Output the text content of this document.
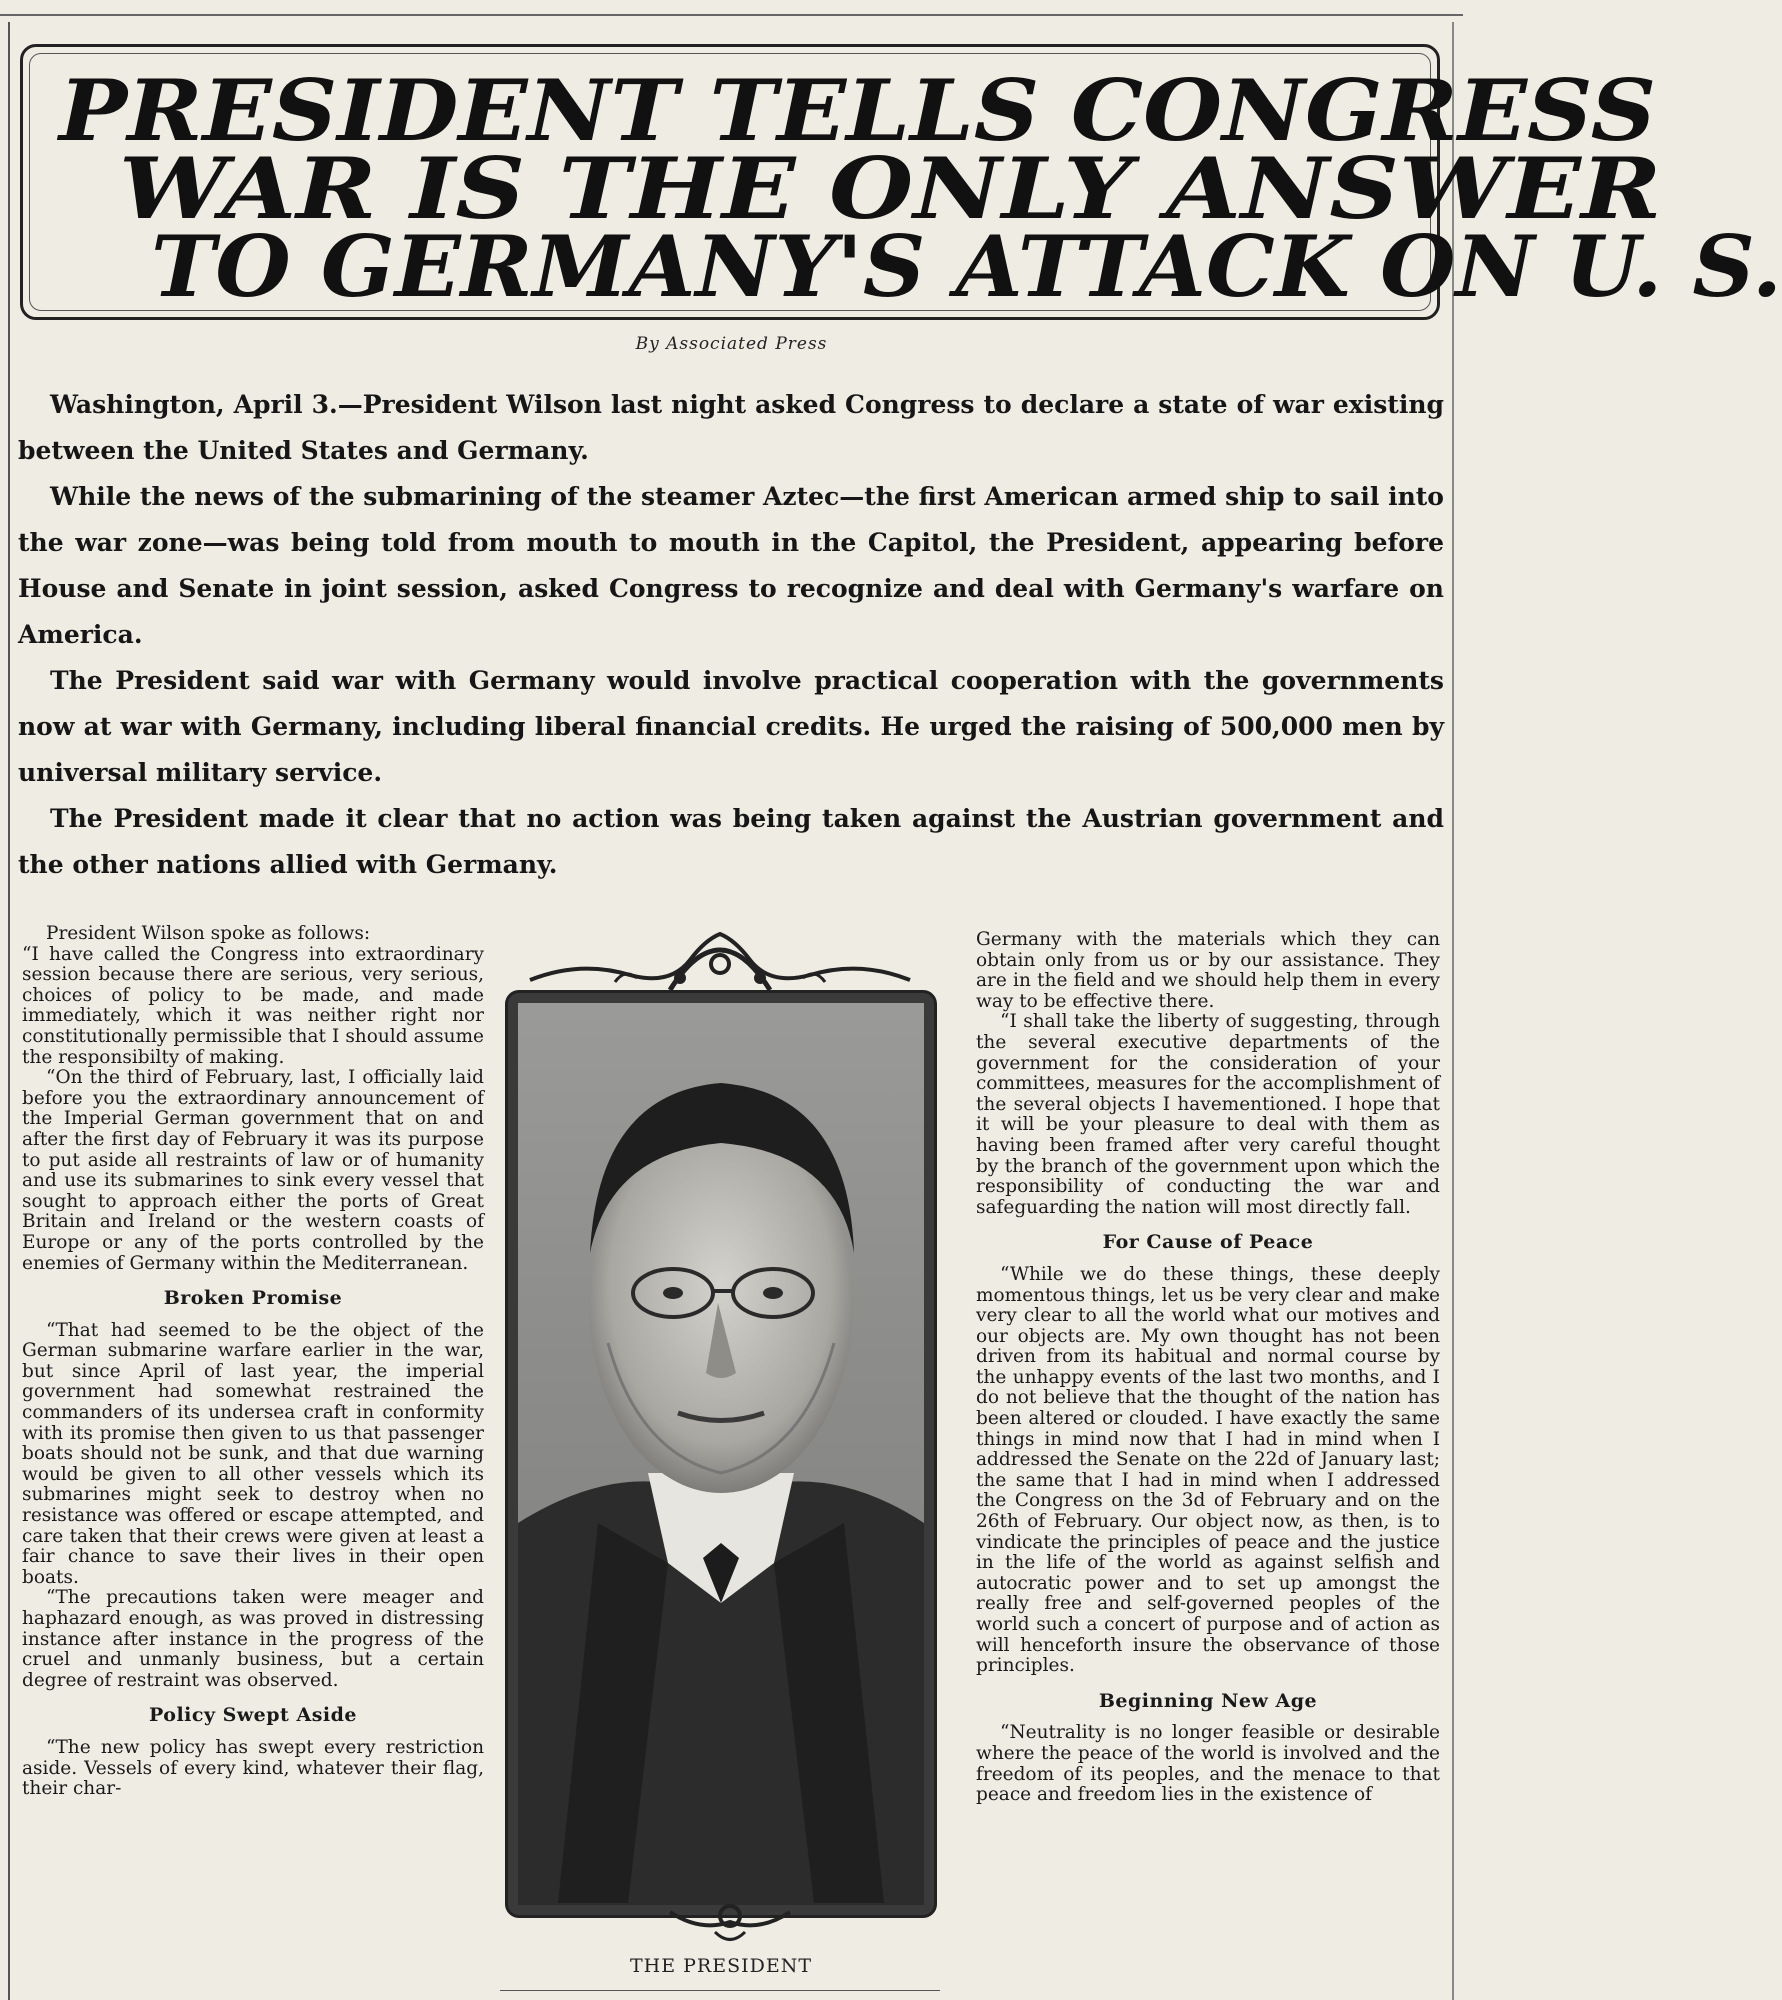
PRESIDENT TELLS CONGRESS
WAR IS THE ONLY ANSWER
TO GERMANY'S ATTACK ON U. S.
By Associated Press

Washington, April 3.—President Wilson last night asked Congress to declare a state of war existing between the United States and Germany.

While the news of the submarining of the steamer Aztec—the first American armed ship to sail into the war zone—was being told from mouth to mouth in the Capitol, the President, appearing before House and Senate in joint session, asked Congress to recognize and deal with Germany's warfare on America.

The President said war with Germany would involve practical cooperation with the governments now at war with Germany, including liberal financial credits. He urged the raising of 500,000 men by universal military service.

The President made it clear that no action was being taken against the Austrian government and the other nations allied with Germany.

President Wilson spoke as follows:

“I have called the Congress into extraordinary session because there are serious, very serious, choices of policy to be made, and made immediately, which it was neither right nor constitutionally permissible that I should assume the responsibilty of making.

“On the third of February, last, I officially laid before you the extraordinary announcement of the Imperial German government that on and after the first day of February it was its purpose to put aside all restraints of law or of humanity and use its submarines to sink every vessel that sought to approach either the ports of Great Britain and Ireland or the western coasts of Europe or any of the ports controlled by the enemies of Germany within the Mediterranean.

Broken Promise

“That had seemed to be the object of the German submarine warfare earlier in the war, but since April of last year, the imperial government had somewhat restrained the commanders of its undersea craft in conformity with its promise then given to us that passenger boats should not be sunk, and that due warning would be given to all other vessels which its submarines might seek to destroy when no resistance was offered or escape attempted, and care taken that their crews were given at least a fair chance to save their lives in their open boats.

“The precautions taken were meager and haphazard enough, as was proved in distressing instance after instance in the progress of the cruel and unmanly business, but a certain degree of restraint was observed.

Policy Swept Aside

“The new policy has swept every restriction aside. Vessels of every kind, whatever their flag, their char-

THE PRESIDENT

Germany with the materials which they can obtain only from us or by our assistance. They are in the field and we should help them in every way to be effective there.

“I shall take the liberty of suggesting, through the several executive departments of the government for the consideration of your committees, measures for the accomplishment of the several objects I havementioned. I hope that it will be your pleasure to deal with them as having been framed after very careful thought by the branch of the government upon which the responsibility of conducting the war and safeguarding the nation will most directly fall.

For Cause of Peace

“While we do these things, these deeply momentous things, let us be very clear and make very clear to all the world what our motives and our objects are. My own thought has not been driven from its habitual and normal course by the unhappy events of the last two months, and I do not believe that the thought of the nation has been altered or clouded. I have exactly the same things in mind now that I had in mind when I addressed the Senate on the 22d of January last; the same that I had in mind when I addressed the Congress on the 3d of February and on the 26th of February. Our object now, as then, is to vindicate the principles of peace and the justice in the life of the world as against selfish and autocratic power and to set up amongst the really free and self-governed peoples of the world such a concert of purpose and of action as will henceforth insure the observance of those principles.

Beginning New Age

“Neutrality is no longer feasible or desirable where the peace of the world is involved and the freedom of its peoples, and the menace to that peace and freedom lies in the existence of
